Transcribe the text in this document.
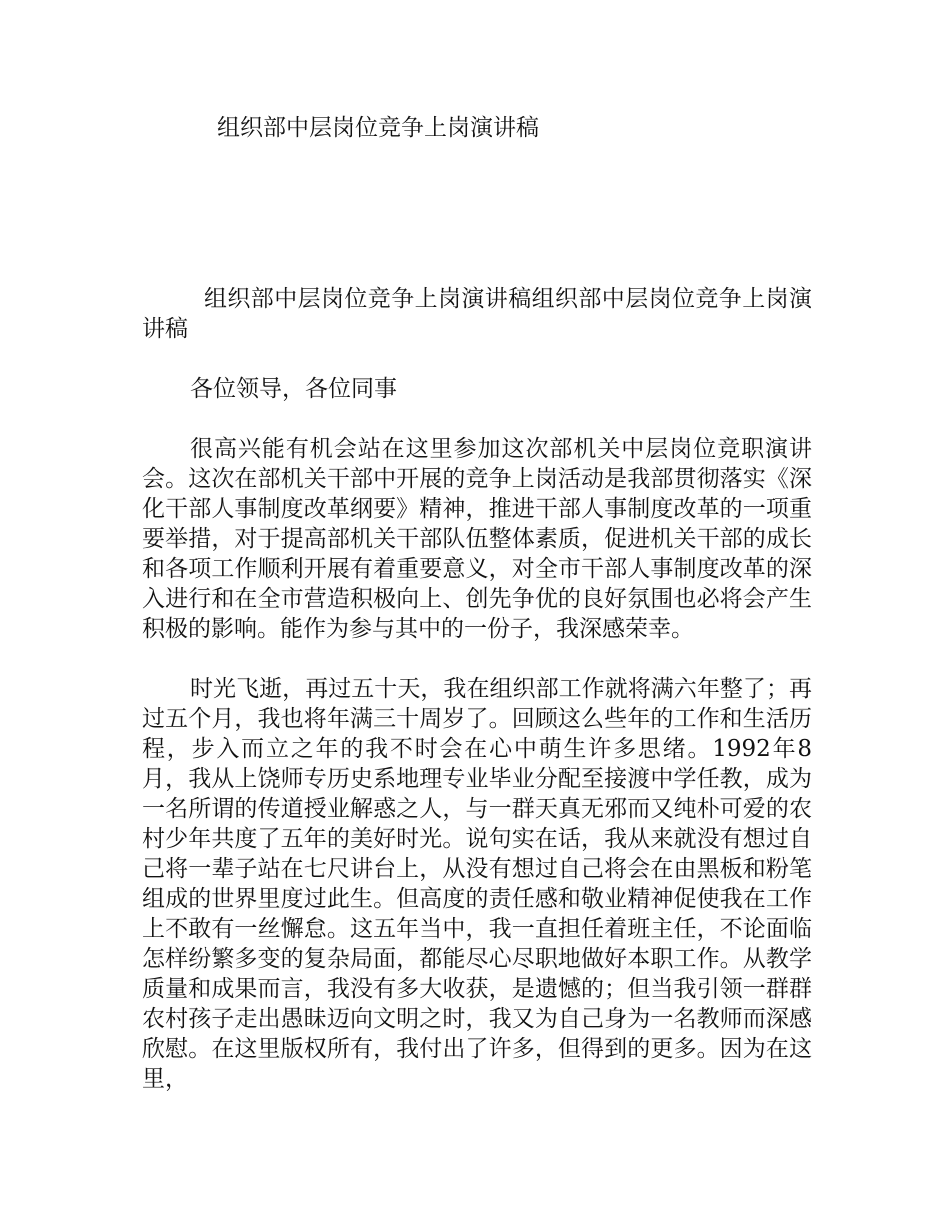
组织部中层岗位竞争上岗演讲稿

组织部中层岗位竞争上岗演讲稿组织部中层岗位竞争上岗演讲稿

各位领导，各位同事

很高兴能有机会站在这里参加这次部机关中层岗位竞职演讲会。这次在部机关干部中开展的竞争上岗活动是我部贯彻落实《深化干部人事制度改革纲要》精神，推进干部人事制度改革的一项重要举措，对于提高部机关干部队伍整体素质，促进机关干部的成长和各项工作顺利开展有着重要意义，对全市干部人事制度改革的深入进行和在全市营造积极向上、创先争优的良好氛围也必将会产生积极的影响。能作为参与其中的一份子，我深感荣幸。

时光飞逝，再过五十天，我在组织部工作就将满六年整了；再过五个月，我也将年满三十周岁了。回顾这么些年的工作和生活历程，步入而立之年的我不时会在心中萌生许多思绪。1992年8月，我从上饶师专历史系地理专业毕业分配至接渡中学任教，成为一名所谓的传道授业解惑之人，与一群天真无邪而又纯朴可爱的农村少年共度了五年的美好时光。说句实在话，我从来就没有想过自己将一辈子站在七尺讲台上，从没有想过自己将会在由黑板和粉笔组成的世界里度过此生。但高度的责任感和敬业精神促使我在工作上不敢有一丝懈怠。这五年当中，我一直担任着班主任，不论面临怎样纷繁多变的复杂局面，都能尽心尽职地做好本职工作。从教学质量和成果而言，我没有多大收获，是遗憾的；但当我引领一群群农村孩子走出愚昧迈向文明之时，我又为自己身为一名教师而深感欣慰。在这里版权所有，我付出了许多，但得到的更多。因为在这里，
